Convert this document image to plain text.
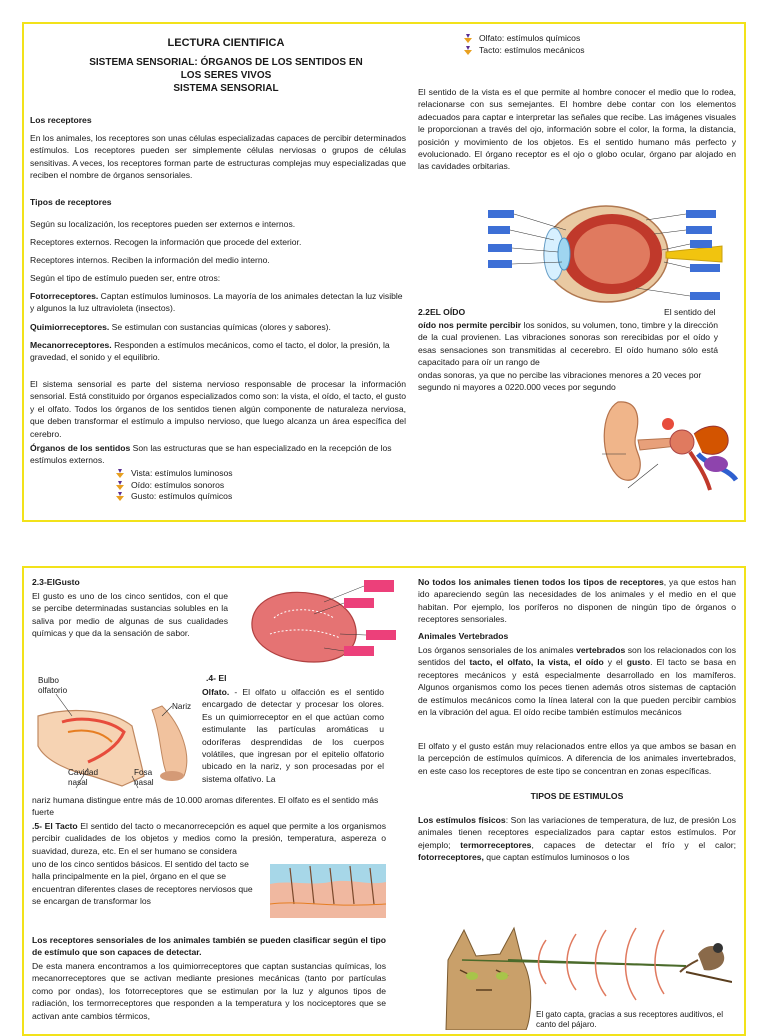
LECTURA CIENTIFICA

SISTEMA SENSORIAL: ÓRGANOS DE LOS SENTIDOS EN

LOS SERES VIVOS

SISTEMA SENSORIAL

Los receptores

En los animales, los receptores son unas células especializadas capaces de percibir determinados estímulos. Los receptores pueden ser simplemente células nerviosas o grupos de células sensitivas. A veces, los receptores forman parte de estructuras complejas muy especializadas que reciben el nombre de órganos sensoriales.

Tipos de receptores

Según su localización, los receptores pueden ser externos e internos.

Receptores externos. Recogen la información que procede del exterior.

Receptores internos. Reciben la información del medio interno.

Según el tipo de estímulo pueden ser, entre otros:

Fotorreceptores. Captan estímulos luminosos. La mayoría de los animales detectan la luz visible y algunos la luz ultravioleta (insectos).

Quimiorreceptores. Se estimulan con sustancias químicas (olores y sabores).

Mecanorreceptores. Responden a estímulos mecánicos, como el tacto, el dolor, la presión, la gravedad, el sonido y el equilibrio.

El sistema sensorial es parte del sistema nervioso responsable de procesar la información sensorial. Está constituido por órganos especializados como son: la vista, el oído, el tacto, el gusto y el olfato. Todos los órganos de los sentidos tienen algún componente de naturaleza nerviosa, que deben transformar el estímulo a impulso nervioso, que luego alcanza un área específica del cerebro.

Órganos de los sentidos Son las estructuras que se han especializado en la recepción de los estímulos externos.

Vista: estímulos luminosos
Oído: estímulos sonoros
Gusto: estímulos químicos
Olfato: estímulos químicos
Tacto: estímulos mecánicos

El sentido de la vista es el que permite al hombre conocer el medio que lo rodea, relacionarse con sus semejantes. El hombre debe contar con los elementos adecuados para captar e interpretar las señales que recibe. Las imágenes visuales le proporcionan a través del ojo, información sobre el color, la forma, la distancia, posición y movimiento de los objetos. Es el sentido humano más perfecto y evolucionado. El órgano receptor es el ojo o globo ocular, órgano par alojado en las cavidades orbitarias.

2.2EL OÍDO	El sentido del

oído nos permite percibir los sonidos, su volumen, tono, timbre y la dirección de la cual provienen. Las vibraciones sonoras son rerecibidas por el oído y esas sensaciones son transmitidas al cecerebro. El oído humano sólo está capacitado para oír un rango de

ondas sonoras, ya que no percibe las vibraciones menores a 20 veces por segundo ni mayores a 0220.000 veces por segundo

2.3-ElGusto

El gusto es uno de los cinco sentidos, con el que se percibe determinadas sustancias solubles en la saliva por medio de algunas de sus cualidades químicas y que da la sensación de sabor.

Bulbo olfatorio
Nariz
Cavidad nasal
Fosa nasal

.4- El

Olfato. - El olfato u olfacción es el sentido encargado de detectar y procesar los olores. Es un quimiorreceptor en el que actúan como estimulante las partículas aromáticas u odoríferas desprendidas de los cuerpos volátiles, que ingresan por el epitelio olfatorio ubicado en la nariz, y son procesadas por el sistema olfativo. La

nariz humana distingue entre más de 10.000 aromas diferentes. El olfato es el sentido más fuerte

.5- El Tacto El sentido del tacto o mecanorrecepción es aquel que permite a los organismos percibir cualidades de los objetos y medios como la presión, temperatura, aspereza o suavidad, dureza, etc. En el ser humano se considera

uno de los cinco sentidos básicos. El sentido del tacto se halla principalmente en la piel, órgano en el que se encuentran diferentes clases de receptores nerviosos que se encargan de transformar los

Los receptores sensoriales de los animales también se pueden clasificar según el tipo de estímulo que son capaces de detectar.

De esta manera encontramos a los quimiorreceptores que captan sustancias químicas, los mecanorreceptores que se activan mediante presiones mecánicas (tanto por partículas como por ondas), los fotorreceptores que se estimulan por la luz y algunos tipos de radiación, los termorreceptores que responden a la temperatura y los nociceptores que se activan ante cambios térmicos,

No todos los animales tienen todos los tipos de receptores, ya que estos han ido apareciendo según las necesidades de los animales y el medio en el que habitan. Por ejemplo, los poríferos no disponen de ningún tipo de órganos o receptores sensoriales.

Animales Vertebrados

Los órganos sensoriales de los animales vertebrados son los relacionados con los sentidos del tacto, el olfato, la vista, el oído y el gusto. El tacto se basa en receptores mecánicos y está especialmente desarrollado en los mamíferos. Algunos organismos como los peces tienen además otros sistemas de captación de estímulos mecánicos como la línea lateral con la que pueden percibir cambios en la vibración del agua. El oído recibe también estímulos mecánicos

El olfato y el gusto están muy relacionados entre ellos ya que ambos se basan en la percepción de estímulos químicos. A diferencia de los animales invertebrados, en este caso los receptores de este tipo se concentran en zonas específicas.

TIPOS DE ESTIMULOS

Los estímulos físicos: Son las variaciones de temperatura, de luz, de presión Los animales tienen receptores especializados para captar estos estímulos. Por ejemplo; termorreceptores, capaces de detectar el frío y el calor; fotorreceptores, que captan estímulos luminosos o los

El gato capta, gracias a sus receptores auditivos, el canto del pájaro.
